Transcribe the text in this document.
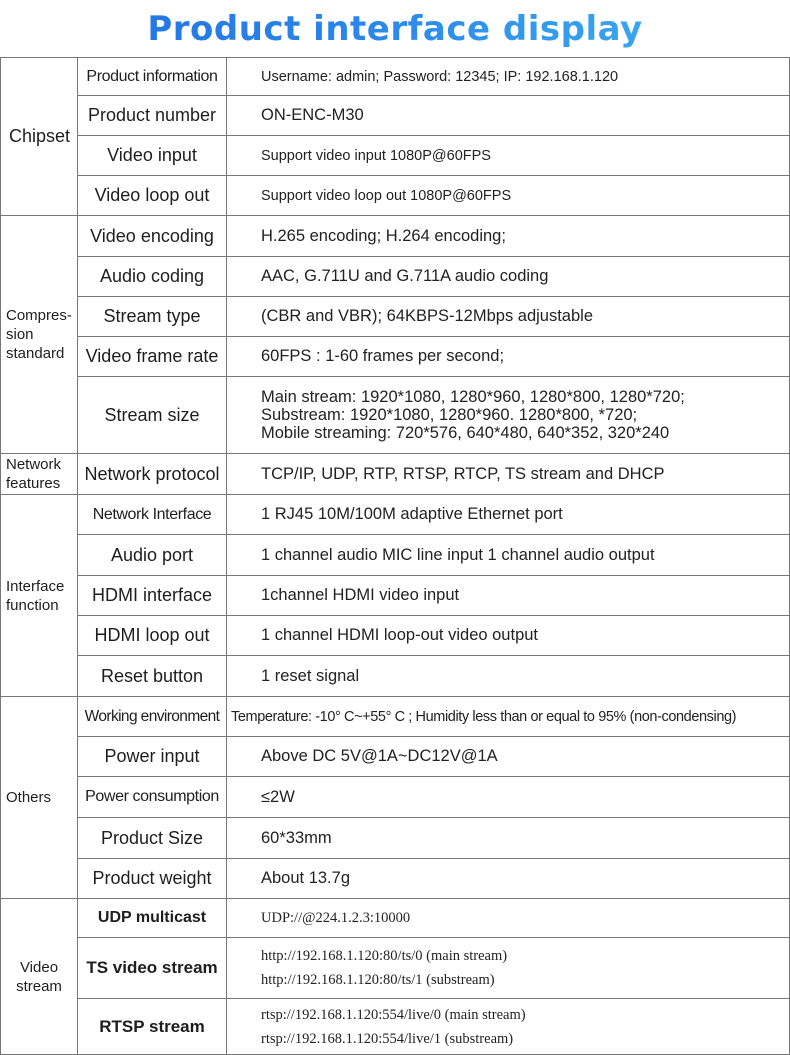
Product interface display
Chipset	Product information	Username: admin; Password: 12345; IP: 192.168.1.120
	Product number	ON-ENC-M30
	Video input	Support video input 1080P@60FPS
	Video loop out	Support video loop out 1080P@60FPS

Compres-
sion
standard	Video encoding	H.265 encoding; H.264 encoding;
	Audio coding	AAC, G.711U and G.711A audio coding
	Stream type	(CBR and VBR); 64KBPS-12Mbps adjustable
	Video frame rate	60FPS : 1-60 frames per second;
	Stream size	Main stream: 1920*1080, 1280*960, 1280*800, 1280*720;
Substream: 1920*1080, 1280*960. 1280*800, *720;
Mobile streaming: 720*576, 640*480, 640*352, 320*240

Network
features	Network protocol	TCP/IP, UDP, RTP, RTSP, RTCP, TS stream and DHCP

Interface
function	Network Interface	1 RJ45 10M/100M adaptive Ethernet port
	Audio port	1 channel audio MIC line input 1 channel audio output
	HDMI interface	1channel HDMI video input
	HDMI loop out	1 channel HDMI loop-out video output
	Reset button	1 reset signal
Others	Working environment	Temperature: -10° C~+55° C ; Humidity less than or equal to 95% (non-condensing)
	Power input	Above DC 5V@1A~DC12V@1A
	Power consumption	≤2W
	Product Size	60*33mm
	Product weight	About 13.7g

Video
stream	UDP multicast	UDP://@224.1.2.3:10000
	TS video stream	http://192.168.1.120:80/ts/0 (main stream)
http://192.168.1.120:80/ts/1 (substream)

	RTSP stream	rtsp://192.168.1.120:554/live/0 (main stream)
rtsp://192.168.1.120:554/live/1 (substream)
